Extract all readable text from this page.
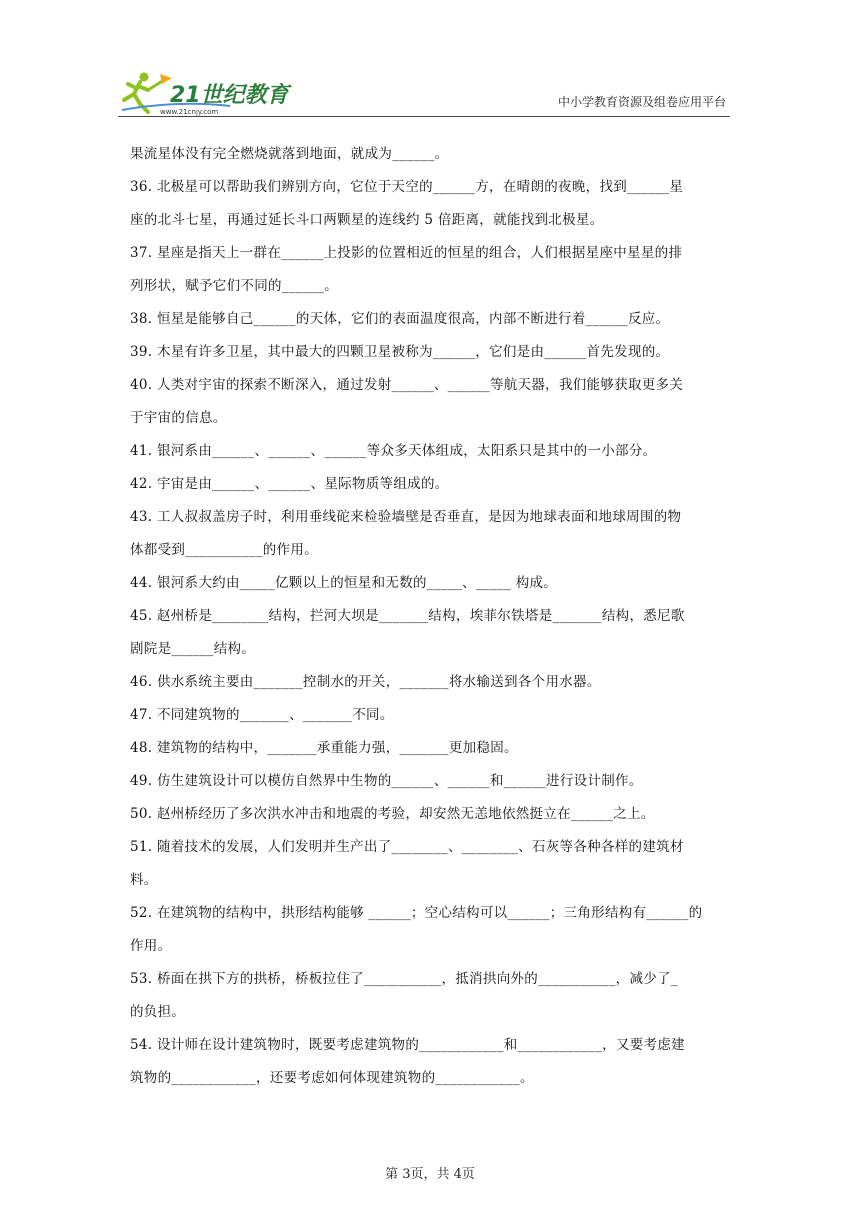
21世纪教育
www.21cnjy.com
中小学教育资源及组卷应用平台

果流星体没有完全燃烧就落到地面，就成为______。

36. 北极星可以帮助我们辨别方向，它位于天空的______方，在晴朗的夜晚，找到______星

座的北斗七星，再通过延长斗口两颗星的连线约 5 倍距离，就能找到北极星。

37. 星座是指天上一群在______上投影的位置相近的恒星的组合，人们根据星座中星星的排

列形状，赋予它们不同的______。

38. 恒星是能够自己______的天体，它们的表面温度很高，内部不断进行着______反应。

39. 木星有许多卫星，其中最大的四颗卫星被称为______，它们是由______首先发现的。

40. 人类对宇宙的探索不断深入，通过发射______、______等航天器，我们能够获取更多关

于宇宙的信息。

41. 银河系由______、______、______等众多天体组成，太阳系只是其中的一小部分。

42. 宇宙是由______、______、星际物质等组成的。

43. 工人叔叔盖房子时，利用垂线砣来检验墙壁是否垂直，是因为地球表面和地球周围的物

体都受到___________的作用。

44. 银河系大约由_____亿颗以上的恒星和无数的_____、_____ 构成。

45. 赵州桥是________结构，拦河大坝是_______结构，埃菲尔铁塔是_______结构，悉尼歌

剧院是______结构。

46. 供水系统主要由_______控制水的开关，_______将水输送到各个用水器。

47. 不同建筑物的_______、_______不同。

48. 建筑物的结构中，_______承重能力强，_______更加稳固。

49. 仿生建筑设计可以模仿自然界中生物的______、______和______进行设计制作。

50. 赵州桥经历了多次洪水冲击和地震的考验，却安然无恙地依然挺立在______之上。

51. 随着技术的发展，人们发明并生产出了________、________、石灰等各种各样的建筑材

料。

52. 在建筑物的结构中，拱形结构能够 ______；空心结构可以______；三角形结构有______的

作用。

53. 桥面在拱下方的拱桥，桥板拉住了___________，抵消拱向外的___________，减少了_

的负担。

54. 设计师在设计建筑物时，既要考虑建筑物的____________和____________，又要考虑建

筑物的____________，还要考虑如何体现建筑物的____________。

第 3页，共 4页
